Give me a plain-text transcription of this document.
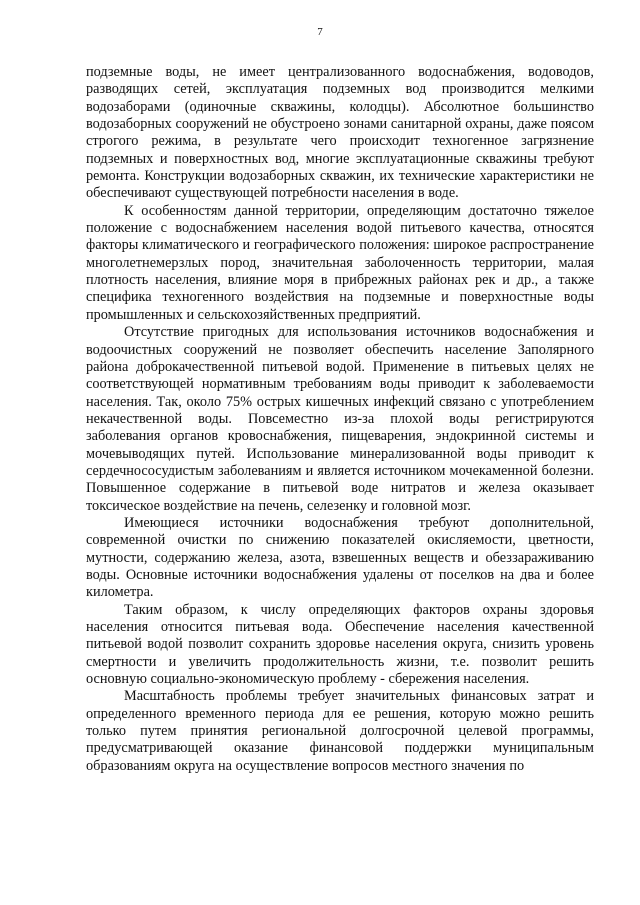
7

подземные воды, не имеет централизованного водоснабжения, водоводов, разводящих сетей, эксплуатация подземных вод производится мелкими водозаборами (одиночные скважины, колодцы). Абсолютное большинство водозаборных сооружений не обустроено зонами санитарной охраны, даже поясом строгого режима, в результате чего происходит техногенное загрязнение подземных и поверхностных вод, многие эксплуатационные скважины требуют ремонта. Конструкции водозаборных скважин, их технические характеристики не обеспечивают существующей потребности населения в воде.

К особенностям данной территории, определяющим достаточно тяжелое положение с водоснабжением населения водой питьевого качества, относятся факторы климатического и географического положения: широкое распространение многолетнемерзлых пород, значительная заболоченность территории, малая плотность населения, влияние моря в прибрежных районах рек и др., а также специфика техногенного воздействия на подземные и поверхностные воды промышленных и сельскохозяйственных предприятий.

Отсутствие пригодных для использования источников водоснабжения и водоочистных сооружений не позволяет обеспечить население Заполярного района доброкачественной питьевой водой. Применение в питьевых целях не соответствующей нормативным требованиям воды приводит к заболеваемости населения. Так, около 75% острых кишечных инфекций связано с употреблением некачественной воды. Повсеместно из-за плохой воды регистрируются заболевания органов кровоснабжения, пищеварения, эндокринной системы и мочевыводящих путей. Использование минерализованной воды приводит к сердечнососудистым заболеваниям и является источником мочекаменной болезни. Повышенное содержание в питьевой воде нитратов и железа оказывает токсическое воздействие на печень, селезенку и головной мозг.

Имеющиеся источники водоснабжения требуют дополнительной, современной очистки по снижению показателей окисляемости, цветности, мутности, содержанию железа, азота, взвешенных веществ и обеззараживанию воды. Основные источники водоснабжения удалены от поселков на два и более километра.

Таким образом, к числу определяющих факторов охраны здоровья населения относится питьевая вода. Обеспечение населения качественной питьевой водой позволит сохранить здоровье населения округа, снизить уровень смертности и увеличить продолжительность жизни, т.е. позволит решить основную социально-экономическую проблему - сбережения населения.

Масштабность проблемы требует значительных финансовых затрат и определенного временного периода для ее решения, которую можно решить только путем принятия региональной долгосрочной целевой программы, предусматривающей оказание финансовой поддержки муниципальным образованиям округа на осуществление вопросов местного значения по
